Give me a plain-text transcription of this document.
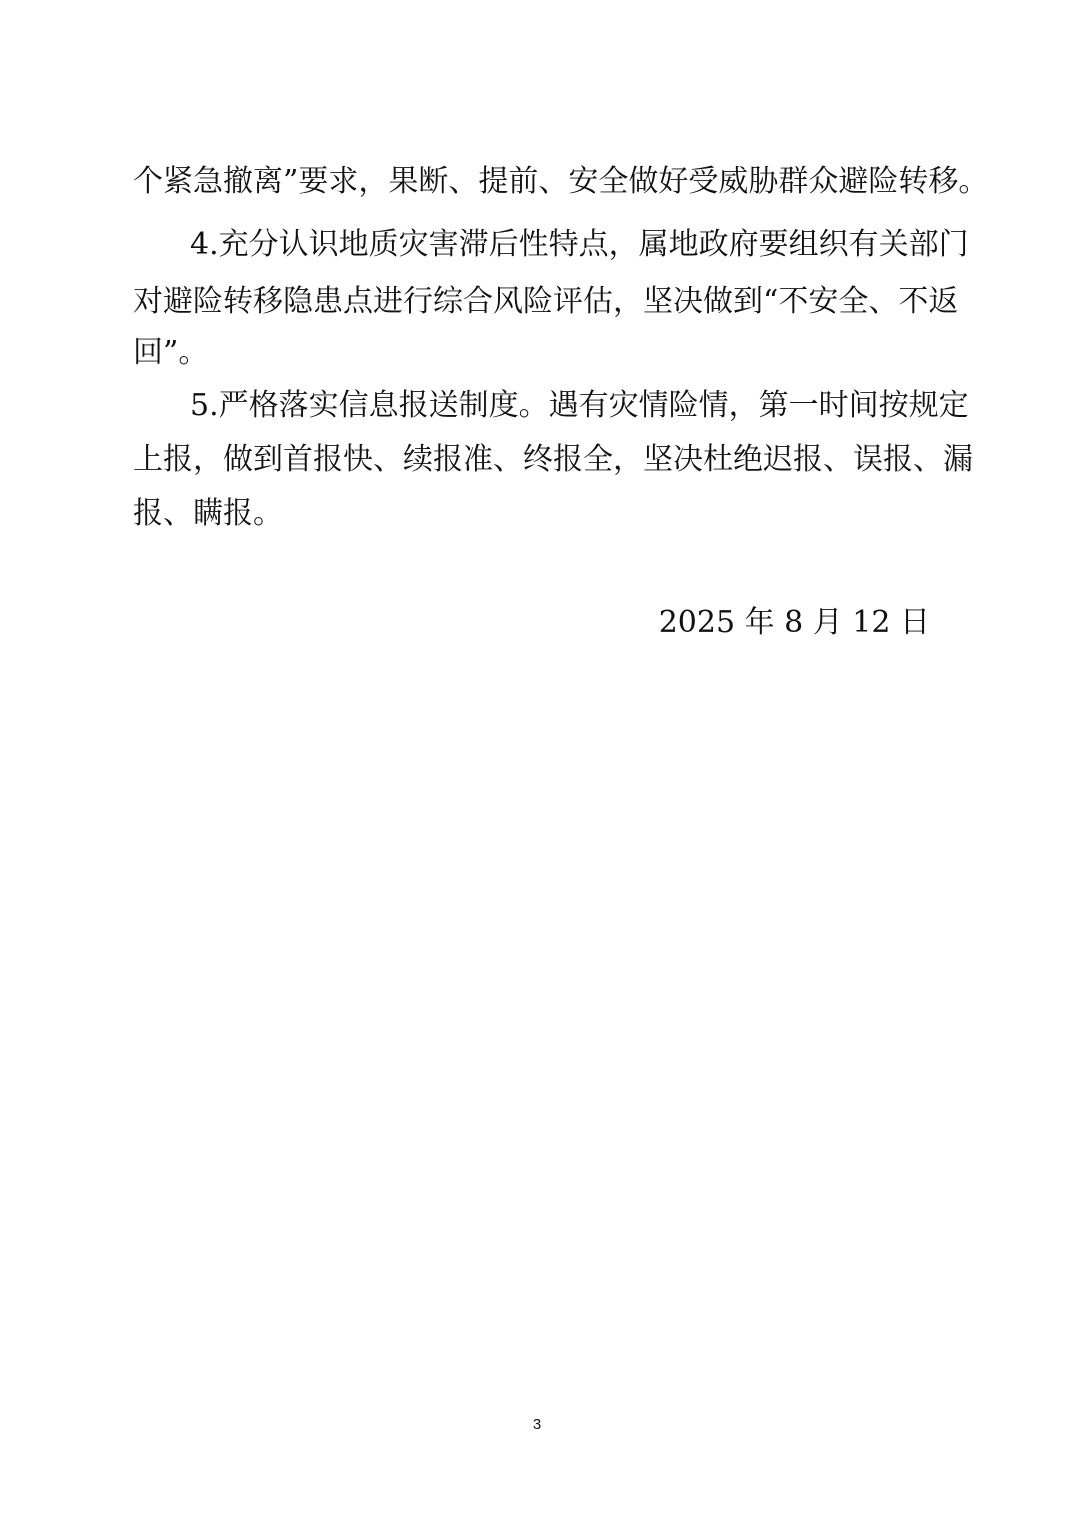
个紧急撤离”要求，果断、提前、安全做好受威胁群众避险转移。
4.充分认识地质灾害滞后性特点，属地政府要组织有关部门
对避险转移隐患点进行综合风险评估，坚决做到“不安全、不返
回”。
5.严格落实信息报送制度。遇有灾情险情，第一时间按规定
上报，做到首报快、续报准、终报全，坚决杜绝迟报、误报、漏
报、瞒报。
2025 年 8 月 12 日
3
